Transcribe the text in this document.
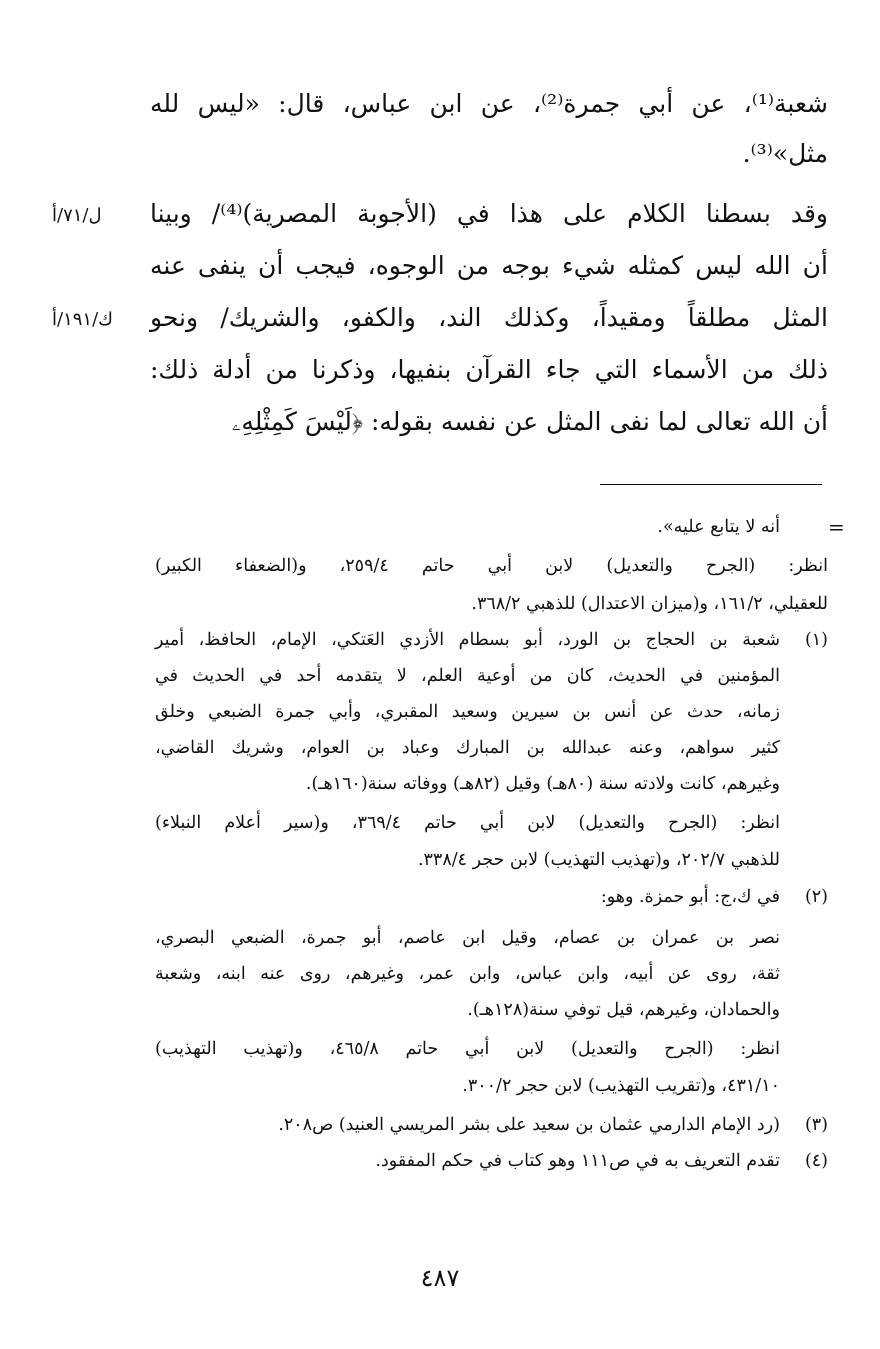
شعبة⁽¹⁾، عن أبي جمرة⁽²⁾، عن ابن عباس، قال: «ليس لله
مثل»⁽³⁾.
وقد بسطنا الكلام على هذا في (الأجوبة المصرية)⁽⁴⁾/ وبينا
أن الله ليس كمثله شيء بوجه من الوجوه، فيجب أن ينفى عنه
المثل مطلقاً ومقيداً، وكذلك الند، والكفو، والشريك/ ونحو
ذلك من الأسماء التي جاء القرآن بنفيها، وذكرنا من أدلة ذلك:
أن الله تعالى لما نفى المثل عن نفسه بقوله: ﴿لَيْسَ كَمِثْلِهِۦ
ل/٧١/أ
ك/١٩١/أ
=
أنه لا يتابع عليه».
انظر: (الجرح والتعديل) لابن أبي حاتم ٢٥٩/٤، و(الضعفاء الكبير)
للعقيلي، ١٦١/٢، و(ميزان الاعتدال) للذهبي ٣٦٨/٢.
(١)
شعبة بن الحجاج بن الورد، أبو بسطام الأزدي العَتكي، الإمام، الحافظ، أمير
المؤمنين في الحديث، كان من أوعية العلم، لا يتقدمه أحد في الحديث في
زمانه، حدث عن أنس بن سيرين وسعيد المقبري، وأبي جمرة الضبعي وخلق
كثير سواهم، وعنه عبدالله بن المبارك وعباد بن العوام، وشريك القاضي،
وغيرهم، كانت ولادته سنة (٨٠هـ) وقيل (٨٢هـ) ووفاته سنة(١٦٠هـ).
انظر: (الجرح والتعديل) لابن أبي حاتم ٣٦٩/٤، و(سير أعلام النبلاء)
للذهبي ٢٠٢/٧، و(تهذيب التهذيب) لابن حجر ٣٣٨/٤.
(٢)
في ك،ج: أبو حمزة. وهو:
نصر بن عمران بن عصام، وقيل ابن عاصم، أبو جمرة، الضبعي البصري،
ثقة، روى عن أبيه، وابن عباس، وابن عمر، وغيرهم، روى عنه ابنه، وشعبة
والحمادان، وغيرهم، قيل توفي سنة(١٢٨هـ).
انظر: (الجرح والتعديل) لابن أبي حاتم ٤٦٥/٨، و(تهذيب التهذيب)
٤٣١/١٠، و(تقريب التهذيب) لابن حجر ٣٠٠/٢.
(٣)
(رد الإمام الدارمي عثمان بن سعيد على بشر المريسي العنيد) ص٢٠٨.
(٤)
تقدم التعريف به في ص١١١ وهو كتاب في حكم المفقود.
٤٨٧
